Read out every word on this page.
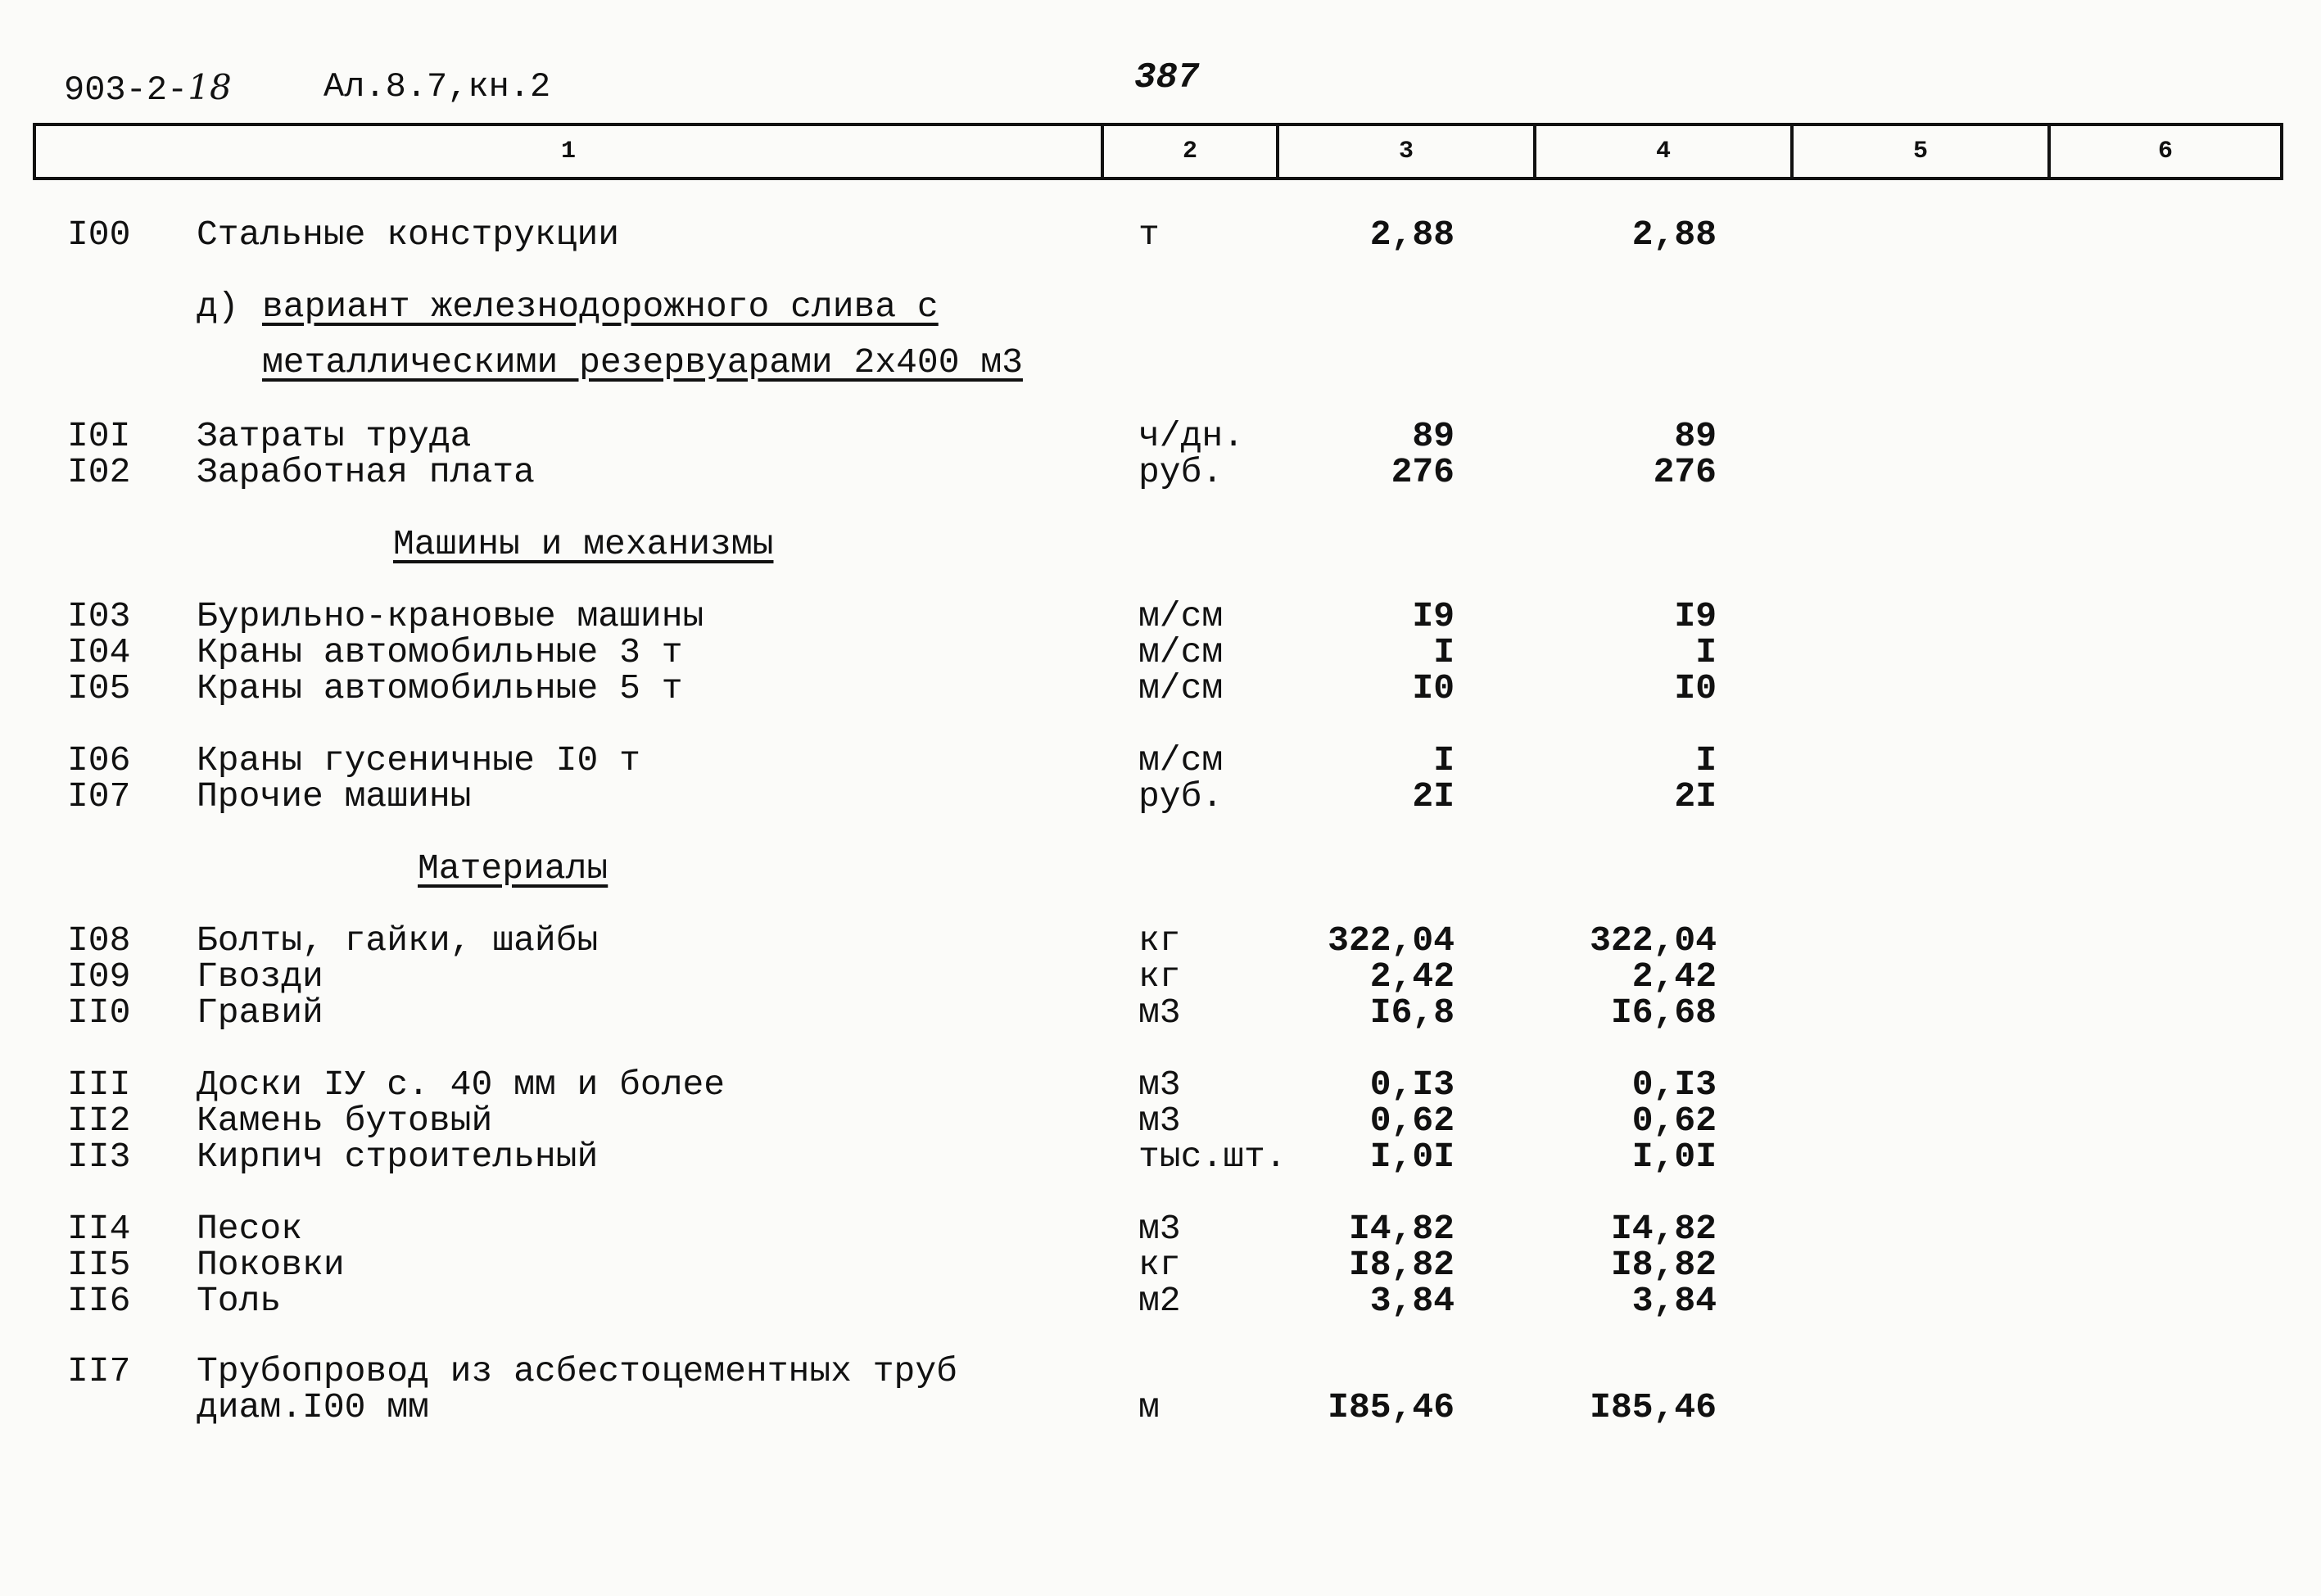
903-2-18	Ал.8.7,кн.2	387
1	2	3	4	5	6
I00 Стальные конструкции	т	2,88	2,88
д) вариант железнодорожного слива с
металлическими резервуарами 2х400 м3
I0I Затраты труда	ч/дн.	89	89
I02 Заработная плата	руб.	276	276
Машины и механизмы
I03 Бурильно-крановые машины	м/см	I9	I9
I04 Краны автомобильные 3 т	м/см	I	I
I05 Краны автомобильные 5 т	м/см	I0	I0
I06 Краны гусеничные I0 т	м/см	I	I
I07 Прочие машины	руб.	2I	2I
Материалы
I08 Болты, гайки, шайбы	кг	322,04	322,04
I09 Гвозди	кг	2,42	2,42
II0 Гравий	м3	I6,8	I6,68
III Доски IУ с. 40 мм и более	м3	0,I3	0,I3
II2 Камень бутовый	м3	0,62	0,62
II3 Кирпич строительный	тыс.шт. I,0I	I,0I
II4 Песок	м3	I4,82	I4,82
II5 Поковки	кг	I8,82	I8,82
II6 Толь	м2	3,84	3,84
II7 Трубопровод из асбестоцементных труб
диам.I00 мм	м	I85,46	I85,46
